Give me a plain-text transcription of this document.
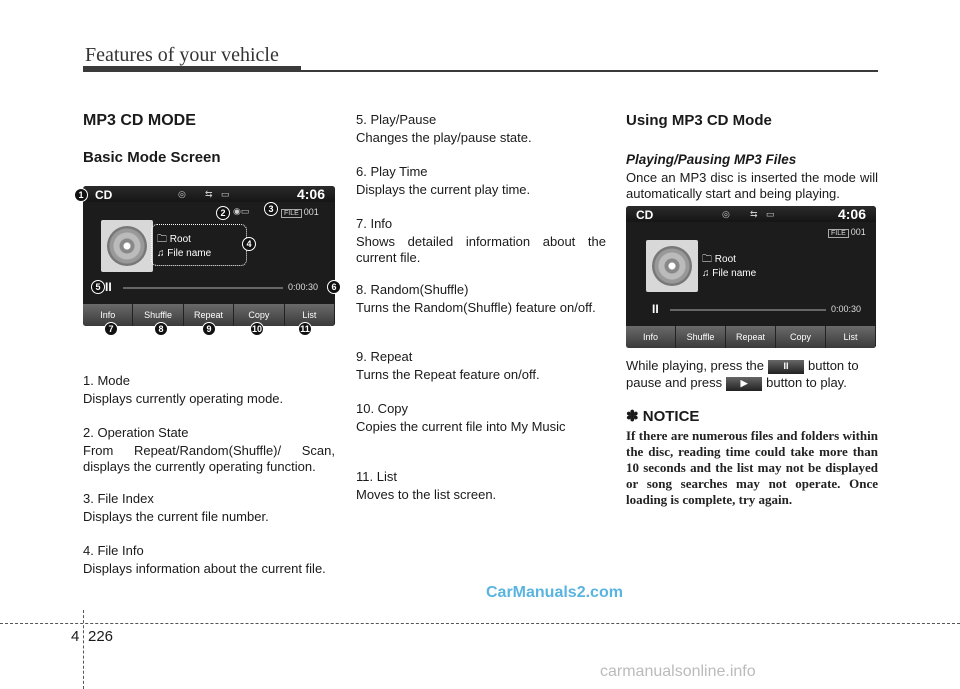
Features of your vehicle
MP3 CD MODE
Basic Mode Screen
CD	◎ ⇆ ▭	4:06
◉▭	FILE 001
🗀 Root
♫ File name
II	0:00:30
Info	Shuffle	Repeat	Copy	List
1
2	3
4
5	6
7	8	9	10	11
1. Mode
Displays currently operating mode.
2. Operation State
From Repeat/Random(Shuffle)/ Scan, displays the currently operating function.
3. File Index
Displays the current file number.
4. File Info
Displays information about the current file.
5. Play/Pause
Changes the play/pause state.
6. Play Time
Displays the current play time.
7. Info
Shows detailed information about the current file.
8. Random(Shuffle)
Turns the Random(Shuffle) feature on/off.
9. Repeat
Turns the Repeat feature on/off.
10. Copy
Copies the current file into My Music
11. List
Moves to the list screen.
Using MP3 CD Mode
Playing/Pausing MP3 Files
Once an MP3 disc is inserted the mode will automatically start and being playing.
CD	◎ ⇆ ▭	4:06
FILE 001
🗀 Root
♫ File name
II	0:00:30
Info	Shuffle	Repeat	Copy	List
While playing, press the II button to pause and press ▶ button to play.
✽ NOTICE
If there are numerous files and folders within the disc, reading time could take more than 10 seconds and the list may not be displayed or song searches may not operate. Once loading is complete, try again.
CarManuals2.com
4 226
carmanualsonline.info
